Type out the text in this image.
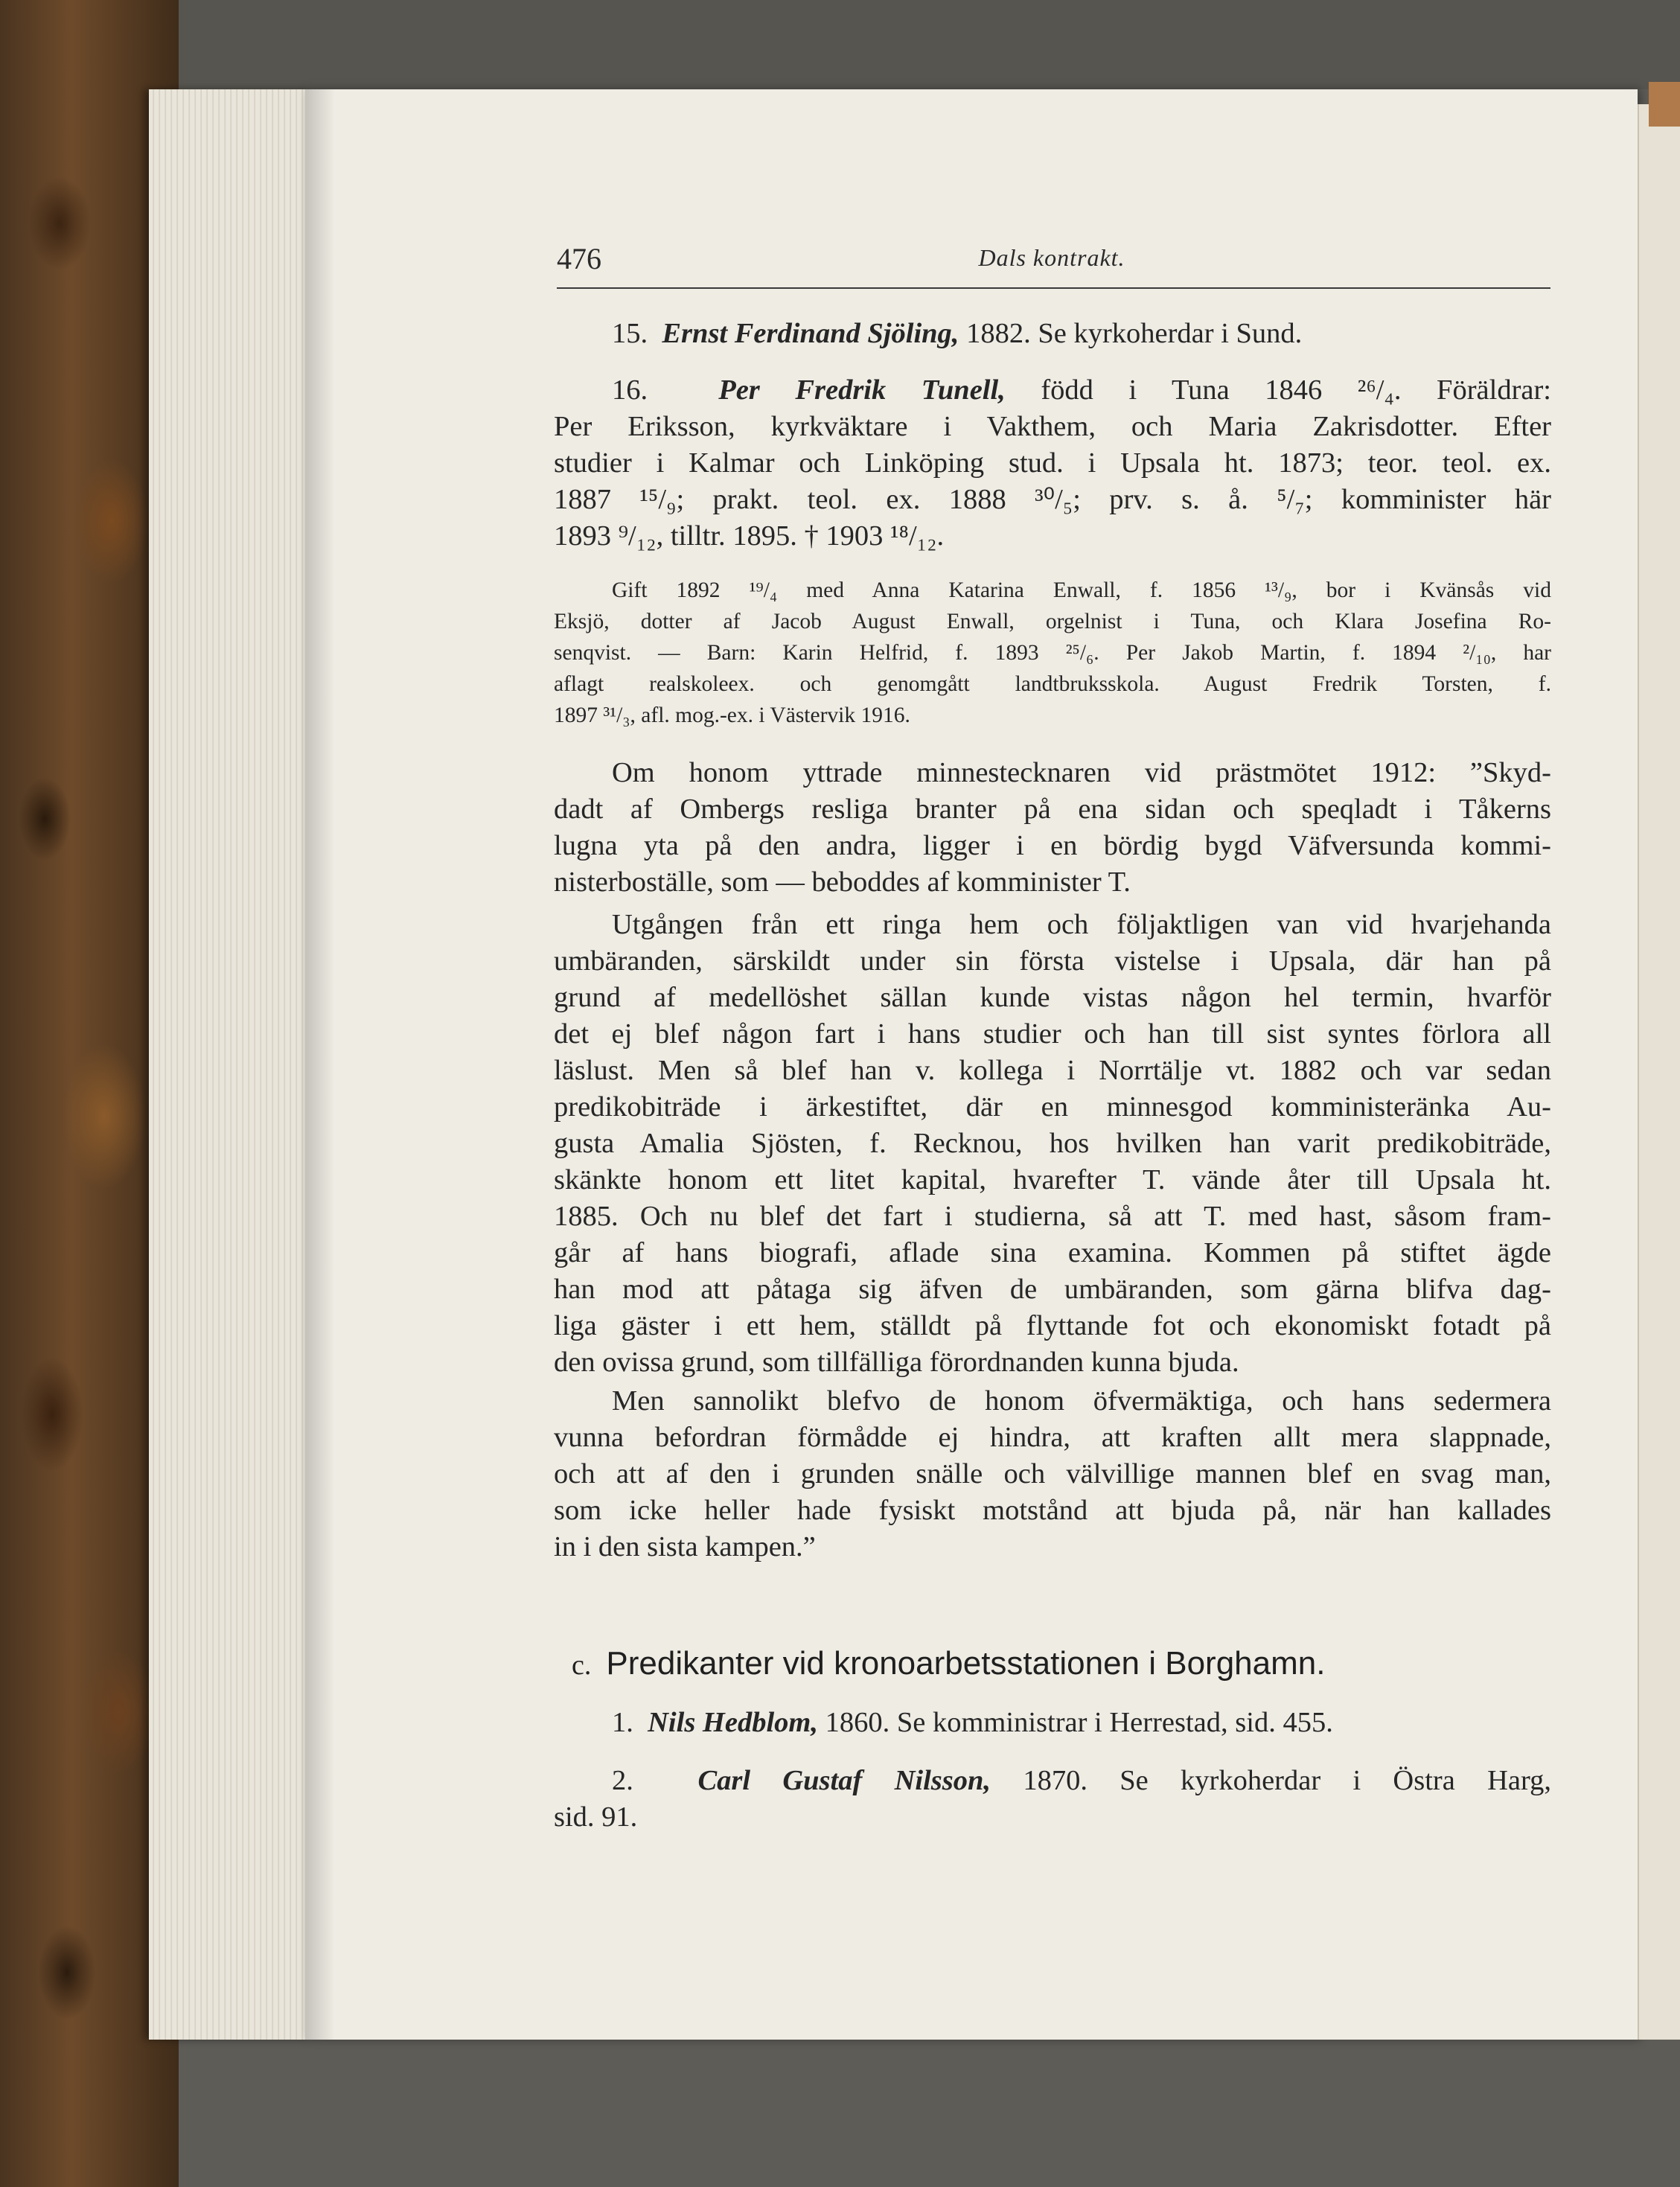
476	Dals kontrakt.
15. Ernst Ferdinand Sjöling, 1882. Se kyrkoherdar i Sund.
16. Per Fredrik Tunell, född i Tuna 1846 ²⁶/₄. Föräldrar:
Per Eriksson, kyrkväktare i Vakthem, och Maria Zakrisdotter. Efter
studier i Kalmar och Linköping stud. i Upsala ht. 1873; teor. teol. ex.
1887 ¹⁵/₉; prakt. teol. ex. 1888 ³⁰/₅; prv. s. å. ⁵/₇; komminister här
1893 ⁹/₁₂, tilltr. 1895. † 1903 ¹⁸/₁₂.
Gift 1892 ¹⁹/₄ med Anna Katarina Enwall, f. 1856 ¹³/₉, bor i Kvänsås vid
Eksjö, dotter af Jacob August Enwall, orgelnist i Tuna, och Klara Josefina Ro-
senqvist. — Barn: Karin Helfrid, f. 1893 ²⁵/₆. Per Jakob Martin, f. 1894 ²/₁₀, har
aflagt realskoleex. och genomgått landtbruksskola. August Fredrik Torsten, f.
1897 ³¹/₃, afl. mog.-ex. i Västervik 1916.
Om honom yttrade minnestecknaren vid prästmötet 1912: ”Skyd-
dadt af Ombergs resliga branter på ena sidan och speqladt i Tåkerns
lugna yta på den andra, ligger i en bördig bygd Väfversunda kommi-
nisterboställe, som — beboddes af komminister T.
Utgången från ett ringa hem och följaktligen van vid hvarjehanda
umbäranden, särskildt under sin första vistelse i Upsala, där han på
grund af medellöshet sällan kunde vistas någon hel termin, hvarför
det ej blef någon fart i hans studier och han till sist syntes förlora all
läslust. Men så blef han v. kollega i Norrtälje vt. 1882 och var sedan
predikobiträde i ärkestiftet, där en minnesgod komministeränka Au-
gusta Amalia Sjösten, f. Recknou, hos hvilken han varit predikobiträde,
skänkte honom ett litet kapital, hvarefter T. vände åter till Upsala ht.
1885. Och nu blef det fart i studierna, så att T. med hast, såsom fram-
går af hans biografi, aflade sina examina. Kommen på stiftet ägde
han mod att påtaga sig äfven de umbäranden, som gärna blifva dag-
liga gäster i ett hem, ställdt på flyttande fot och ekonomiskt fotadt på
den ovissa grund, som tillfälliga förordnanden kunna bjuda.
Men sannolikt blefvo de honom öfvermäktiga, och hans sedermera
vunna befordran förmådde ej hindra, att kraften allt mera slappnade,
och att af den i grunden snälle och välvillige mannen blef en svag man,
som icke heller hade fysiskt motstånd att bjuda på, när han kallades
in i den sista kampen.”
c. Predikanter vid kronoarbetsstationen i Borghamn.
1. Nils Hedblom, 1860. Se komministrar i Herrestad, sid. 455.
2. Carl Gustaf Nilsson, 1870. Se kyrkoherdar i Östra Harg,
sid. 91.
